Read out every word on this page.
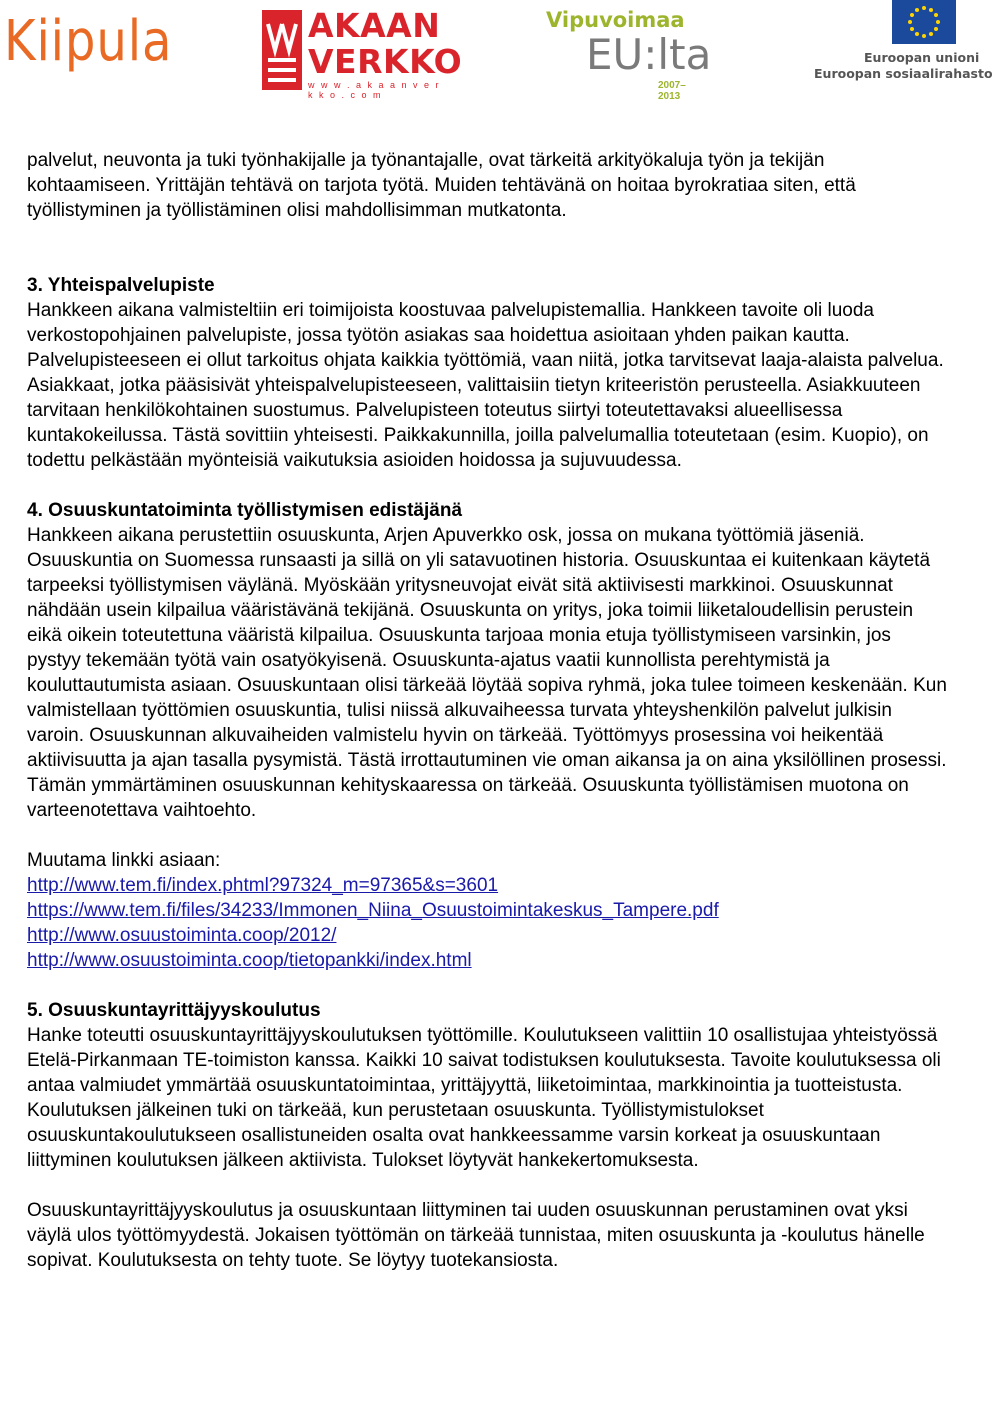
Kiipula	AKAAN
VERKKO
w w w . a k a a n v e r k k o . c o m
Vipuvoimaa
EU:lta
2007–2013
Euroopan unioni
Euroopan sosiaalirahasto

palvelut, neuvonta ja tuki työnhakijalle ja työnantajalle, ovat tärkeitä arkityökaluja työn ja tekijän kohtaamiseen. Yrittäjän tehtävä on tarjota työtä. Muiden tehtävänä on hoitaa byrokratiaa siten, että työllistyminen ja työllistäminen olisi mahdollisimman mutkatonta.

3. Yhteispalvelupiste

Hankkeen aikana valmisteltiin eri toimijoista koostuvaa palvelupistemallia. Hankkeen tavoite oli luoda verkostopohjainen palvelupiste, jossa työtön asiakas saa hoidettua asioitaan yhden paikan kautta. Palvelupisteeseen ei ollut tarkoitus ohjata kaikkia työttömiä, vaan niitä, jotka tarvitsevat laaja-alaista palvelua. Asiakkaat, jotka pääsisivät yhteispalvelupisteeseen, valittaisiin tietyn kriteeristön perusteella. Asiakkuuteen tarvitaan henkilökohtainen suostumus. Palvelupisteen toteutus siirtyi toteutettavaksi alueellisessa kuntakokeilussa. Tästä sovittiin yhteisesti. Paikkakunnilla, joilla palvelumallia toteutetaan (esim. Kuopio), on todettu pelkästään myönteisiä vaikutuksia asioiden hoidossa ja sujuvuudessa.

4. Osuuskuntatoiminta työllistymisen edistäjänä

Hankkeen aikana perustettiin osuuskunta, Arjen Apuverkko osk, jossa on mukana työttömiä jäseniä. Osuuskuntia on Suomessa runsaasti ja sillä on yli satavuotinen historia. Osuuskuntaa ei kuitenkaan käytetä tarpeeksi työllistymisen väylänä. Myöskään yritysneuvojat eivät sitä aktiivisesti markkinoi. Osuuskunnat nähdään usein kilpailua vääristävänä tekijänä. Osuuskunta on yritys, joka toimii liiketaloudellisin perustein eikä oikein toteutettuna vääristä kilpailua. Osuuskunta tarjoaa monia etuja työllistymiseen varsinkin, jos pystyy tekemään työtä vain osatyökyisenä. Osuuskunta-ajatus vaatii kunnollista perehtymistä ja kouluttautumista asiaan. Osuuskuntaan olisi tärkeää löytää sopiva ryhmä, joka tulee toimeen keskenään. Kun valmistellaan työttömien osuuskuntia, tulisi niissä alkuvaiheessa turvata yhteyshenkilön palvelut julkisin varoin. Osuuskunnan alkuvaiheiden valmistelu hyvin on tärkeää. Työttömyys prosessina voi heikentää aktiivisuutta ja ajan tasalla pysymistä. Tästä irrottautuminen vie oman aikansa ja on aina yksilöllinen prosessi. Tämän ymmärtäminen osuuskunnan kehityskaaressa on tärkeää. Osuuskunta työllistämisen muotona on varteenotettava vaihtoehto.

Muutama linkki asiaan:

http://www.tem.fi/index.phtml?97324_m=97365&s=3601
https://www.tem.fi/files/34233/Immonen_Niina_Osuustoimintakeskus_Tampere.pdf
http://www.osuustoiminta.coop/2012/
http://www.osuustoiminta.coop/tietopankki/index.html

5. Osuuskuntayrittäjyyskoulutus

Hanke toteutti osuuskuntayrittäjyyskoulutuksen työttömille. Koulutukseen valittiin 10 osallistujaa yhteistyössä Etelä-Pirkanmaan TE-toimiston kanssa. Kaikki 10 saivat todistuksen koulutuksesta. Tavoite koulutuksessa oli antaa valmiudet ymmärtää osuuskuntatoimintaa, yrittäjyyttä, liiketoimintaa, markkinointia ja tuotteistusta. Koulutuksen jälkeinen tuki on tärkeää, kun perustetaan osuuskunta. Työllistymistulokset osuuskuntakoulutukseen osallistuneiden osalta ovat hankkeessamme varsin korkeat ja osuuskuntaan liittyminen koulutuksen jälkeen aktiivista. Tulokset löytyvät hankekertomuksesta.

Osuuskuntayrittäjyyskoulutus ja osuuskuntaan liittyminen tai uuden osuuskunnan perustaminen ovat yksi väylä ulos työttömyydestä. Jokaisen työttömän on tärkeää tunnistaa, miten osuuskunta ja -koulutus hänelle sopivat. Koulutuksesta on tehty tuote. Se löytyy tuotekansiosta.
